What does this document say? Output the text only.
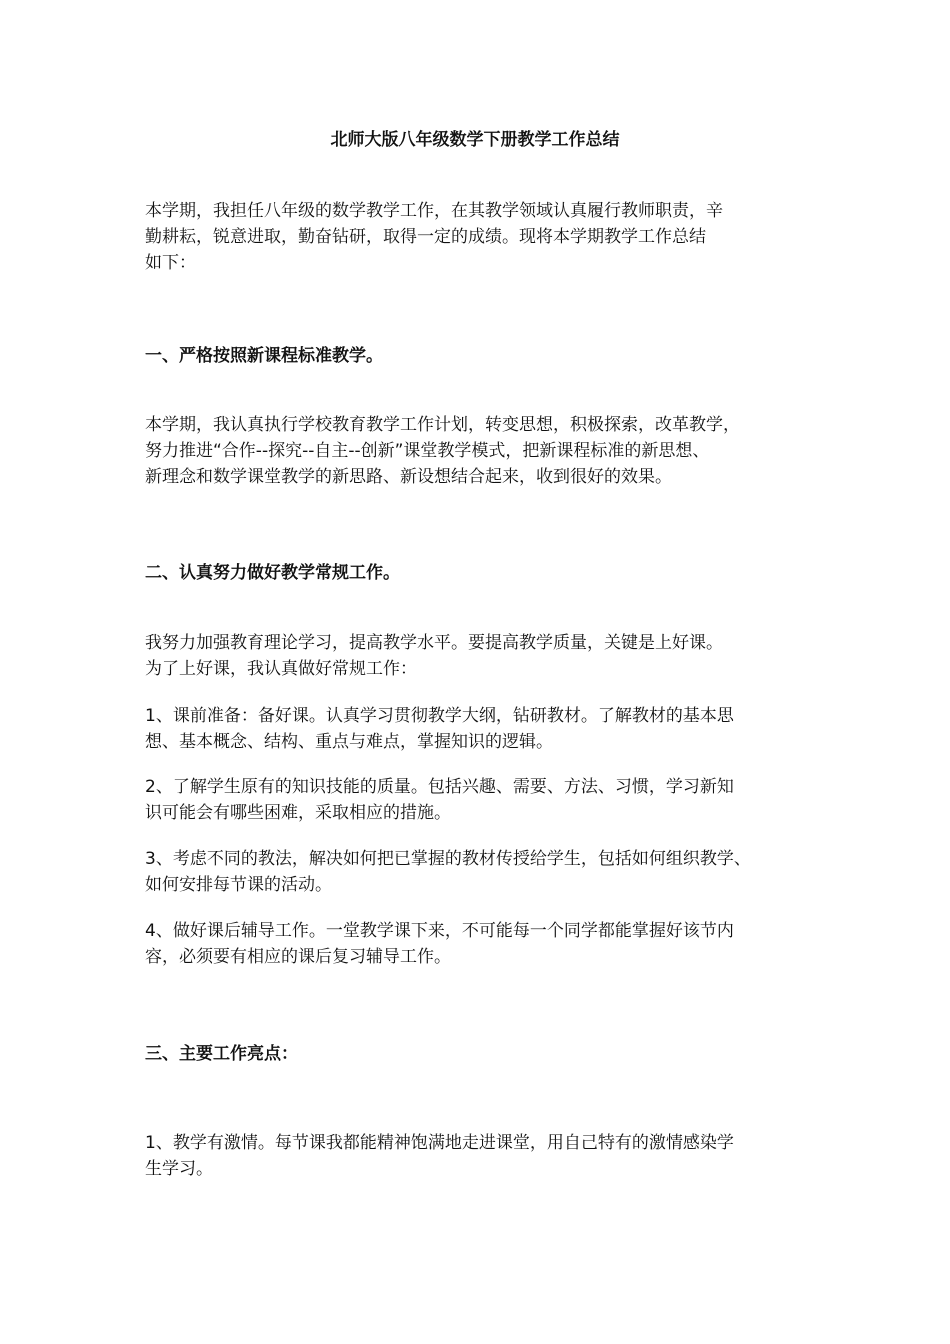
北师大版八年级数学下册教学工作总结
本学期，我担任八年级的数学教学工作，在其教学领域认真履行教师职责，辛
勤耕耘，锐意进取，勤奋钻研，取得一定的成绩。现将本学期教学工作总结
如下：
一、严格按照新课程标准教学。
本学期，我认真执行学校教育教学工作计划，转变思想，积极探索，改革教学，
努力推进“合作--探究--自主--创新”课堂教学模式，把新课程标准的新思想、
新理念和数学课堂教学的新思路、新设想结合起来，收到很好的效果。
二、认真努力做好教学常规工作。
我努力加强教育理论学习，提高教学水平。要提高教学质量，关键是上好课。
为了上好课，我认真做好常规工作：
1、课前准备：备好课。认真学习贯彻教学大纲，钻研教材。了解教材的基本思
想、基本概念、结构、重点与难点，掌握知识的逻辑。
2、了解学生原有的知识技能的质量。包括兴趣、需要、方法、习惯，学习新知
识可能会有哪些困难，采取相应的措施。
3、考虑不同的教法，解决如何把已掌握的教材传授给学生，包括如何组织教学、
如何安排每节课的活动。
4、做好课后辅导工作。一堂教学课下来，不可能每一个同学都能掌握好该节内
容，必须要有相应的课后复习辅导工作。
三、主要工作亮点：
1、教学有激情。每节课我都能精神饱满地走进课堂，用自己特有的激情感染学
生学习。
